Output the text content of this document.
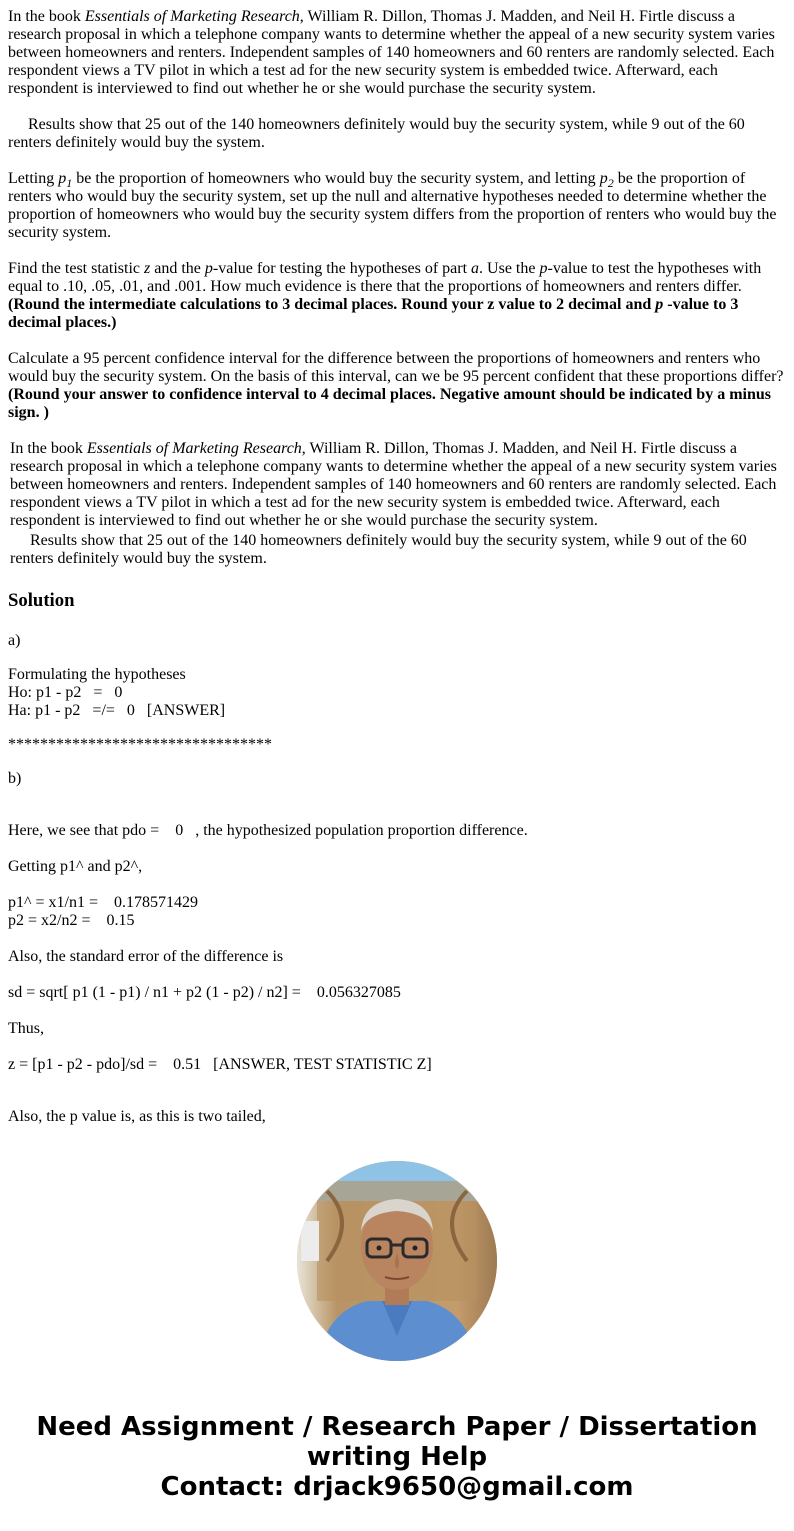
In the book Essentials of Marketing Research, William R. Dillon, Thomas J. Madden, and Neil H. Firtle discuss a research proposal in which a telephone company wants to determine whether the appeal of a new security system varies between homeowners and renters. Independent samples of 140 homeowners and 60 renters are randomly selected. Each respondent views a TV pilot in which a test ad for the new security system is embedded twice. Afterward, each respondent is interviewed to find out whether he or she would purchase the security system.

Results show that 25 out of the 140 homeowners definitely would buy the security system, while 9 out of the 60 renters definitely would buy the system.

Letting $p_1$ be the proportion of homeowners who would buy the security system, and letting $p_2$ be the proportion of renters who would buy the security system, set up the null and alternative hypotheses needed to determine whether the proportion of homeowners who would buy the security system differs from the proportion of renters who would buy the security system.

Find the test statistic z and the p-value for testing the hypotheses of part a. Use the p-value to test the hypotheses with equal to .10, .05, .01, and .001. How much evidence is there that the proportions of homeowners and renters differ. (Round the intermediate calculations to 3 decimal places. Round your z value to 2 decimal and p -value to 3 decimal places.)

Calculate a 95 percent confidence interval for the difference between the proportions of homeowners and renters who would buy the security system. On the basis of this interval, can we be 95 percent confident that these proportions differ? (Round your answer to confidence interval to 4 decimal places. Negative amount should be indicated by a minus sign. )

In the book Essentials of Marketing Research, William R. Dillon, Thomas J. Madden, and Neil H. Firtle discuss a research proposal in which a telephone company wants to determine whether the appeal of a new security system varies between homeowners and renters. Independent samples of 140 homeowners and 60 renters are randomly selected. Each respondent views a TV pilot in which a test ad for the new security system is embedded twice. Afterward, each respondent is interviewed to find out whether he or she would purchase the security system.

Results show that 25 out of the 140 homeowners definitely would buy the security system, while 9 out of the 60 renters definitely would buy the system.

Solution

a)

Formulating the hypotheses

Ho: p1 - p2   =   0

Ha: p1 - p2   =/=   0   [ANSWER]

*********************************

b)

Here, we see that pdo =    0   , the hypothesized population proportion difference.

Getting p1^ and p2^,

p1^ = x1/n1 =    0.178571429

p2 = x2/n2 =    0.15

Also, the standard error of the difference is

sd = sqrt[ p1 (1 - p1) / n1 + p2 (1 - p2) / n2] =    0.056327085

Thus,

z = [p1 - p2 - pdo]/sd =    0.51   [ANSWER, TEST STATISTIC Z]

Also, the p value is, as this is two tailed,

Need Assignment / Research Paper / Dissertation
writing Help
Contact: drjack9650@gmail.com
